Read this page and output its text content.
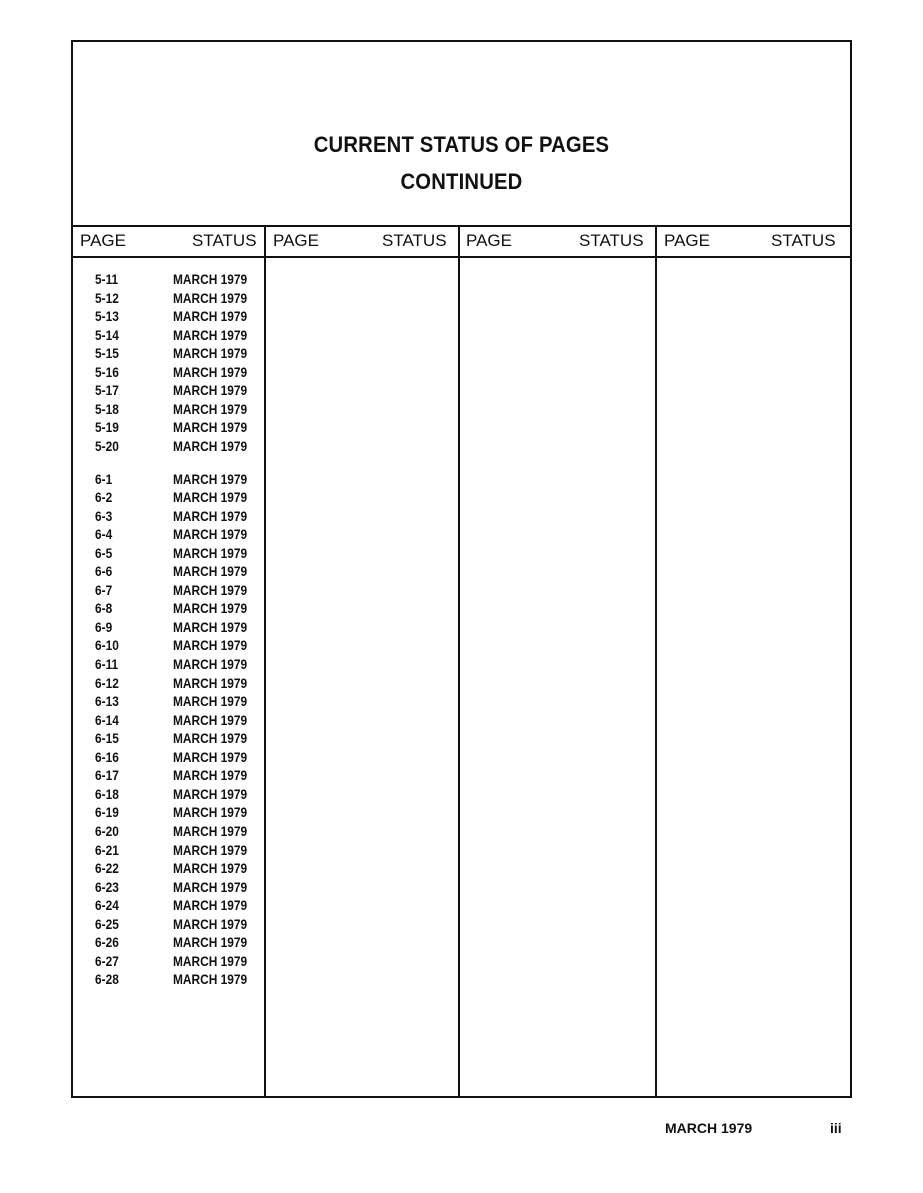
CURRENT STATUS OF PAGES
CONTINUED
PAGE	STATUS PAGE	STATUS PAGE	STATUS PAGE	STATUS
5-11	MARCH 1979
5-12	MARCH 1979
5-13	MARCH 1979
5-14	MARCH 1979
5-15	MARCH 1979
5-16	MARCH 1979
5-17	MARCH 1979
5-18	MARCH 1979
5-19	MARCH 1979
5-20	MARCH 1979
6-1	MARCH 1979
6-2	MARCH 1979
6-3	MARCH 1979
6-4	MARCH 1979
6-5	MARCH 1979
6-6	MARCH 1979
6-7	MARCH 1979
6-8	MARCH 1979
6-9	MARCH 1979
6-10	MARCH 1979
6-11	MARCH 1979
6-12	MARCH 1979
6-13	MARCH 1979
6-14	MARCH 1979
6-15	MARCH 1979
6-16	MARCH 1979
6-17	MARCH 1979
6-18	MARCH 1979
6-19	MARCH 1979
6-20	MARCH 1979
6-21	MARCH 1979
6-22	MARCH 1979
6-23	MARCH 1979
6-24	MARCH 1979
6-25	MARCH 1979
6-26	MARCH 1979
6-27	MARCH 1979
6-28	MARCH 1979
MARCH 1979	iii
